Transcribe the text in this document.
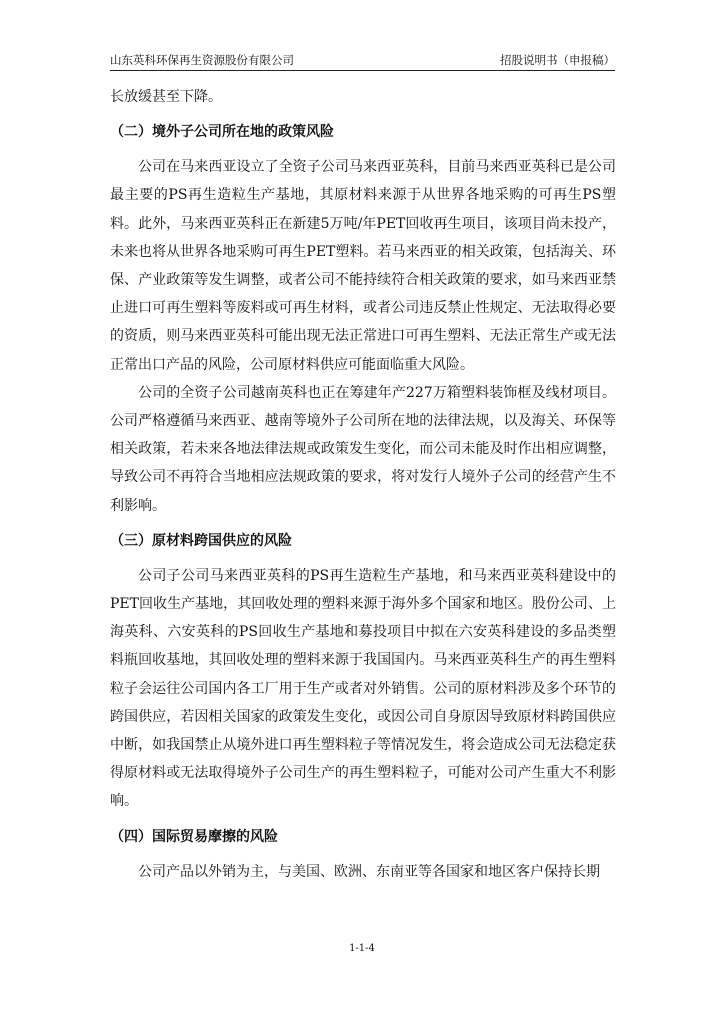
山东英科环保再生资源股份有限公司	招股说明书（申报稿）

长放缓甚至下降。

（二）境外子公司所在地的政策风险

公司在马来西亚设立了全资子公司马来西亚英科，目前马来西亚英科已是公司最主要的PS再生造粒生产基地，其原材料来源于从世界各地采购的可再生PS塑料。此外，马来西亚英科正在新建5万吨/年PET回收再生项目，该项目尚未投产，未来也将从世界各地采购可再生PET塑料。若马来西亚的相关政策，包括海关、环保、产业政策等发生调整，或者公司不能持续符合相关政策的要求，如马来西亚禁止进口可再生塑料等废料或可再生材料，或者公司违反禁止性规定、无法取得必要的资质，则马来西亚英科可能出现无法正常进口可再生塑料、无法正常生产或无法正常出口产品的风险，公司原材料供应可能面临重大风险。

公司的全资子公司越南英科也正在筹建年产227万箱塑料装饰框及线材项目。公司严格遵循马来西亚、越南等境外子公司所在地的法律法规，以及海关、环保等相关政策，若未来各地法律法规或政策发生变化，而公司未能及时作出相应调整，导致公司不再符合当地相应法规政策的要求，将对发行人境外子公司的经营产生不利影响。

（三）原材料跨国供应的风险

公司子公司马来西亚英科的PS再生造粒生产基地，和马来西亚英科建设中的PET回收生产基地，其回收处理的塑料来源于海外多个国家和地区。股份公司、上海英科、六安英科的PS回收生产基地和募投项目中拟在六安英科建设的多品类塑料瓶回收基地，其回收处理的塑料来源于我国国内。马来西亚英科生产的再生塑料粒子会运往公司国内各工厂用于生产或者对外销售。公司的原材料涉及多个环节的跨国供应，若因相关国家的政策发生变化，或因公司自身原因导致原材料跨国供应中断，如我国禁止从境外进口再生塑料粒子等情况发生，将会造成公司无法稳定获得原材料或无法取得境外子公司生产的再生塑料粒子，可能对公司产生重大不利影响。

（四）国际贸易摩擦的风险

公司产品以外销为主，与美国、欧洲、东南亚等各国家和地区客户保持长期

1-1-4
